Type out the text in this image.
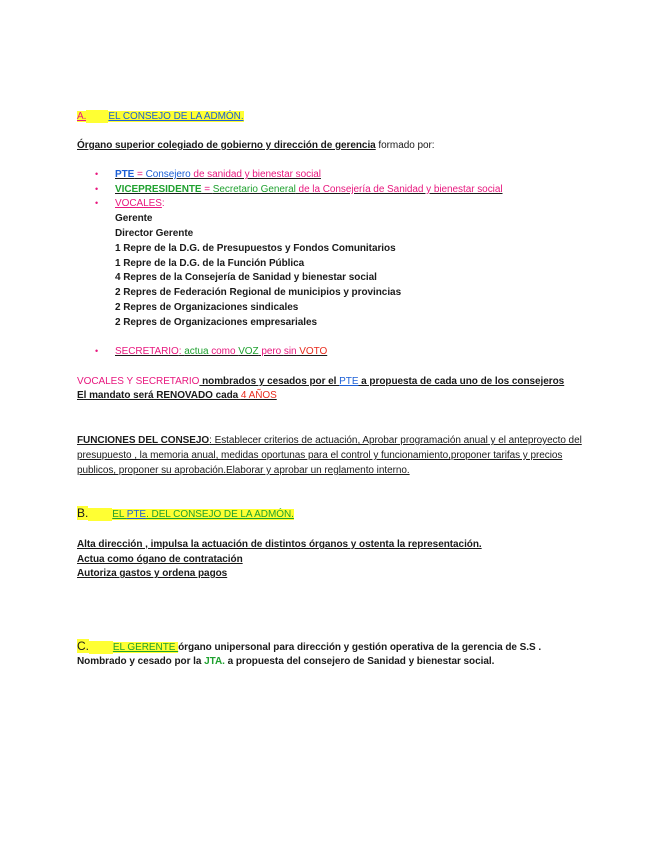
A. EL CONSEJO DE LA ADMÓN.
Órgano superior colegiado de gobierno y dirección de gerencia formado por:
• PTE = Consejero de sanidad y bienestar social
• VICEPRESIDENTE = Secretario General de la Consejería de Sanidad y bienestar social
• VOCALES:
Gerente
Director Gerente
1 Repre de la D.G. de Presupuestos y Fondos Comunitarios
1 Repre de la D.G. de la Función Pública
4 Repres de la Consejería de Sanidad y bienestar social
2 Repres de Federación Regional de municipios y provincias
2 Repres de Organizaciones sindicales
2 Repres de Organizaciones empresariales
• SECRETARIO: actua como VOZ pero sin VOTO
VOCALES Y SECRETARIO nombrados y cesados por el PTE a propuesta de cada uno de los consejeros
El mandato será RENOVADO cada 4 AÑOS
FUNCIONES DEL CONSEJO: Establecer criterios de actuación, Aprobar programación anual y el anteproyecto del
presupuesto , la memoria anual, medidas oportunas para el control y funcionamiento,proponer tarifas y precios
publicos, proponer su aprobación.Elaborar y aprobar un reglamento interno.
B. EL PTE. DEL CONSEJO DE LA ADMÓN.
Alta dirección , impulsa la actuación de distintos órganos y ostenta la representación.
Actua como ógano de contratación
Autoriza gastos y ordena pagos
C. EL GERENTE órgano unipersonal para dirección y gestión operativa de la gerencia de S.S .
Nombrado y cesado por la JTA. a propuesta del consejero de Sanidad y bienestar social.
